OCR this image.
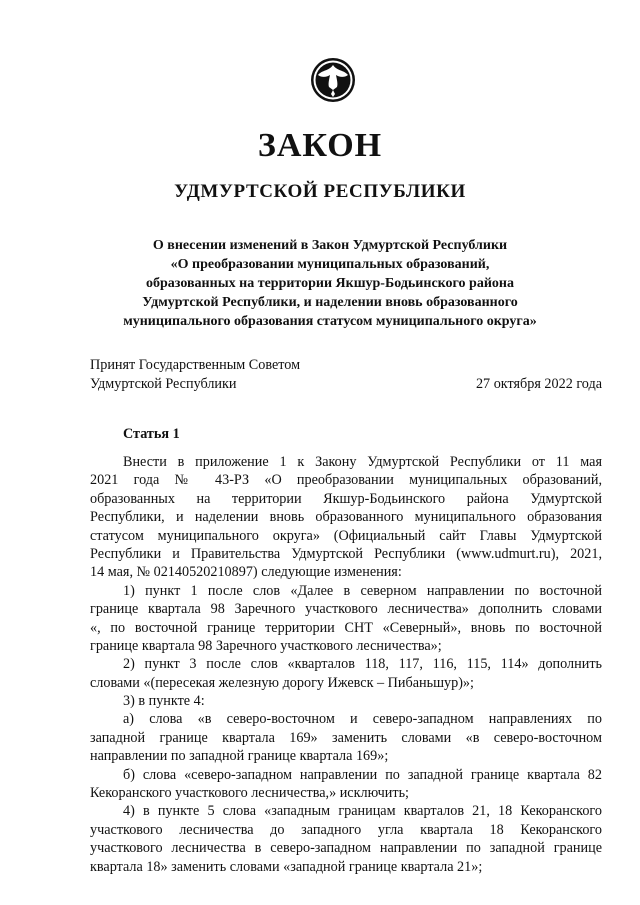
ЗАКОН
УДМУРТСКОЙ РЕСПУБЛИКИ
О внесении изменений в Закон Удмуртской Республики
«О преобразовании муниципальных образований,
образованных на территории Якшур-Бодьинского района
Удмуртской Республики, и наделении вновь образованного
муниципального образования статусом муниципального округа»
Принят Государственным Советом
Удмуртской Республики	27 октября 2022 года
Статья 1
Внести в приложение 1 к Закону Удмуртской Республики от 11 мая
2021 года № 43-РЗ «О преобразовании муниципальных образований,
образованных на территории Якшур-Бодьинского района Удмуртской
Республики, и наделении вновь образованного муниципального образования
статусом муниципального округа» (Официальный сайт Главы Удмуртской
Республики и Правительства Удмуртской Республики (www.udmurt.ru), 2021,
14 мая, № 02140520210897) следующие изменения:
1) пункт 1 после слов «Далее в северном направлении по восточной
границе квартала 98 Заречного участкового лесничества» дополнить словами
«, по восточной границе территории СНТ «Северный», вновь по восточной
границе квартала 98 Заречного участкового лесничества»;
2) пункт 3 после слов «кварталов 118, 117, 116, 115, 114» дополнить
словами «(пересекая железную дорогу Ижевск – Пибаньшур)»;
3) в пункте 4:
а) слова «в северо-восточном и северо-западном направлениях по
западной границе квартала 169» заменить словами «в северо-восточном
направлении по западной границе квартала 169»;
б) слова «северо-западном направлении по западной границе квартала 82
Кекоранского участкового лесничества,» исключить;
4) в пункте 5 слова «западным границам кварталов 21, 18 Кекоранского
участкового лесничества до западного угла квартала 18 Кекоранского
участкового лесничества в северо-западном направлении по западной границе
квартала 18» заменить словами «западной границе квартала 21»;
